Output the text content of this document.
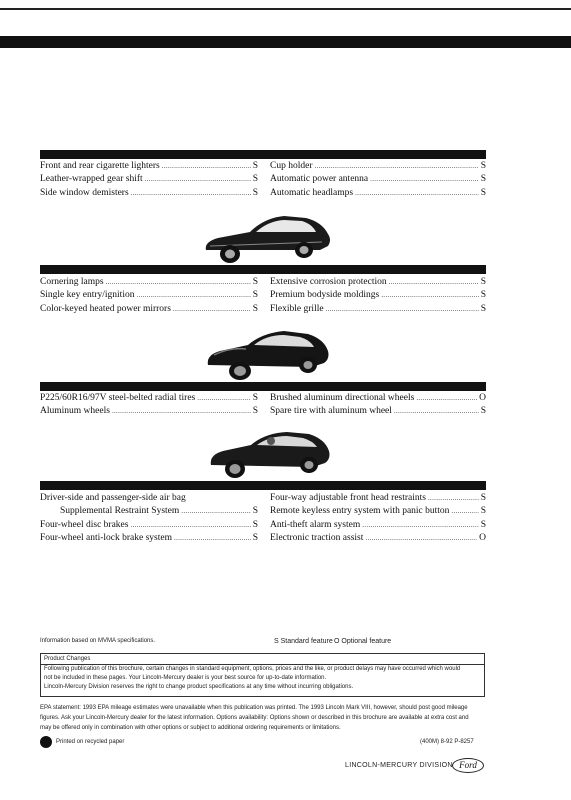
Front and rear cigarette lighters .....	S
Leather-wrapped gear shift .....	S
Side window demisters .....	S
Cup holder .....	S
Automatic power antenna .....	S
Automatic headlamps .....	S
Cornering lamps .....	S
Single key entry/ignition .....	S
Color-keyed heated power mirrors .....	S
Extensive corrosion protection .....	S
Premium bodyside moldings .....	S
Flexible grille .....	S
P225/60R16/97V steel-belted radial tires .....	S
Aluminum wheels .....	S
Brushed aluminum directional wheels .....	O
Spare tire with aluminum wheel .....	S
Driver-side and passenger-side air bag
Supplemental Restraint System .....	S
Four-wheel disc brakes .....	S
Four-wheel anti-lock brake system .....	S
Four-way adjustable front head restraints .....	S
Remote keyless entry system with panic button .....	S
Anti-theft alarm system .....	S
Electronic traction assist .....	O
Information based on MVMA specifications.	S Standard feature O Optional feature
Product Changes
Following publication of this brochure, certain changes in standard equipment, options, prices and the like, or product delays may have occurred which would
not be included in these pages. Your Lincoln-Mercury dealer is your best source for up-to-date information.
Lincoln-Mercury Division reserves the right to change product specifications at any time without incurring obligations.
EPA statement: 1993 EPA mileage estimates were unavailable when this publication was printed. The 1993 Lincoln Mark VIII, however, should post good mileage
figures. Ask your Lincoln-Mercury dealer for the latest information. Options availability: Options shown or described in this brochure are available at extra cost and
may be offered only in combination with other options or subject to additional ordering requirements or limitations.
Printed on recycled paper	(400M) 8-92 P-8257
LINCOLN-MERCURY DIVISION Ford
